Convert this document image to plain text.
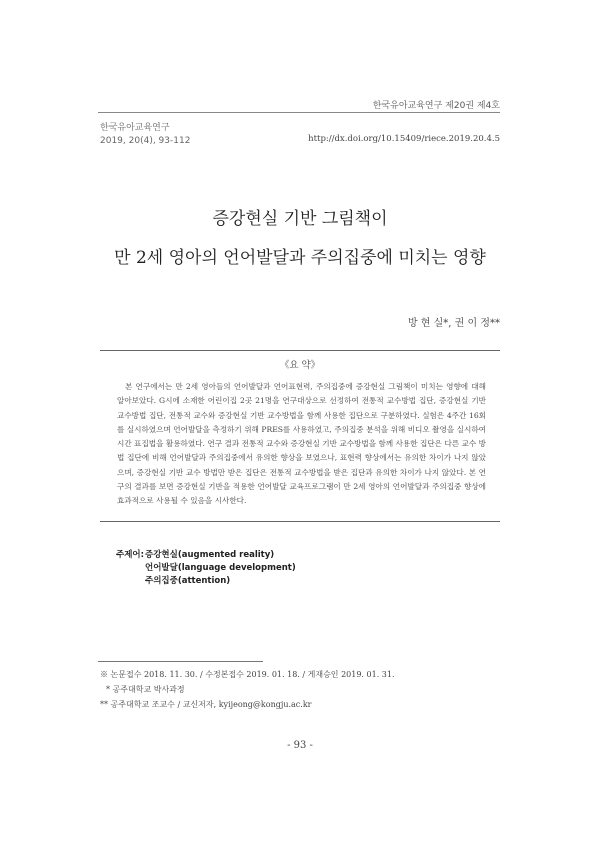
한국유아교육연구 제20권 제4호
한국유아교육연구
2019, 20(4), 93-112	http://dx.doi.org/10.15409/riece.2019.20.4.5
증강현실 기반 그림책이
만 2세 영아의 언어발달과 주의집중에 미치는 영향
방 현 실*, 권 이 정**
《요 약》
본 연구에서는 만 2세 영아들의 언어발달과 언어표현력, 주의집중에 증강현실 그림책이 미치는 영향에 대해 알아보았다. G시에 소재한 어린이집 2곳 21명을 연구대상으로 선정하여 전통적 교수방법 집단, 증강현실 기반 교수방법 집단, 전통적 교수와 증강현실 기반 교수방법을 함께 사용한 집단으로 구분하였다. 실험은 4주간 16회를 실시하였으며 언어발달을 측정하기 위해 PRES를 사용하였고, 주의집중 분석을 위해 비디오 촬영을 실시하여 시간 표집법을 활용하였다. 연구 결과 전통적 교수와 증강현실 기반 교수방법을 함께 사용한 집단은 다른 교수 방법 집단에 비해 언어발달과 주의집중에서 유의한 향상을 보였으나, 표현력 향상에서는 유의한 차이가 나지 않았으며, 증강현실 기반 교수 방법만 받은 집단은 전통적 교수방법을 받은 집단과 유의한 차이가 나지 않았다. 본 연구의 결과를 보면 증강현실 기반을 적용한 언어발달 교육프로그램이 만 2세 영아의 언어발달과 주의집중 향상에 효과적으로 사용될 수 있음을 시사한다.
주제어: 증강현실(augmented reality)
언어발달(language development)
주의집중(attention)
※ 논문접수 2018. 11. 30. / 수정본접수 2019. 01. 18. / 게재승인 2019. 01. 31.
* 공주대학교 박사과정
** 공주대학교 조교수 / 교신저자, kyijeong@kongju.ac.kr
- 93 -
